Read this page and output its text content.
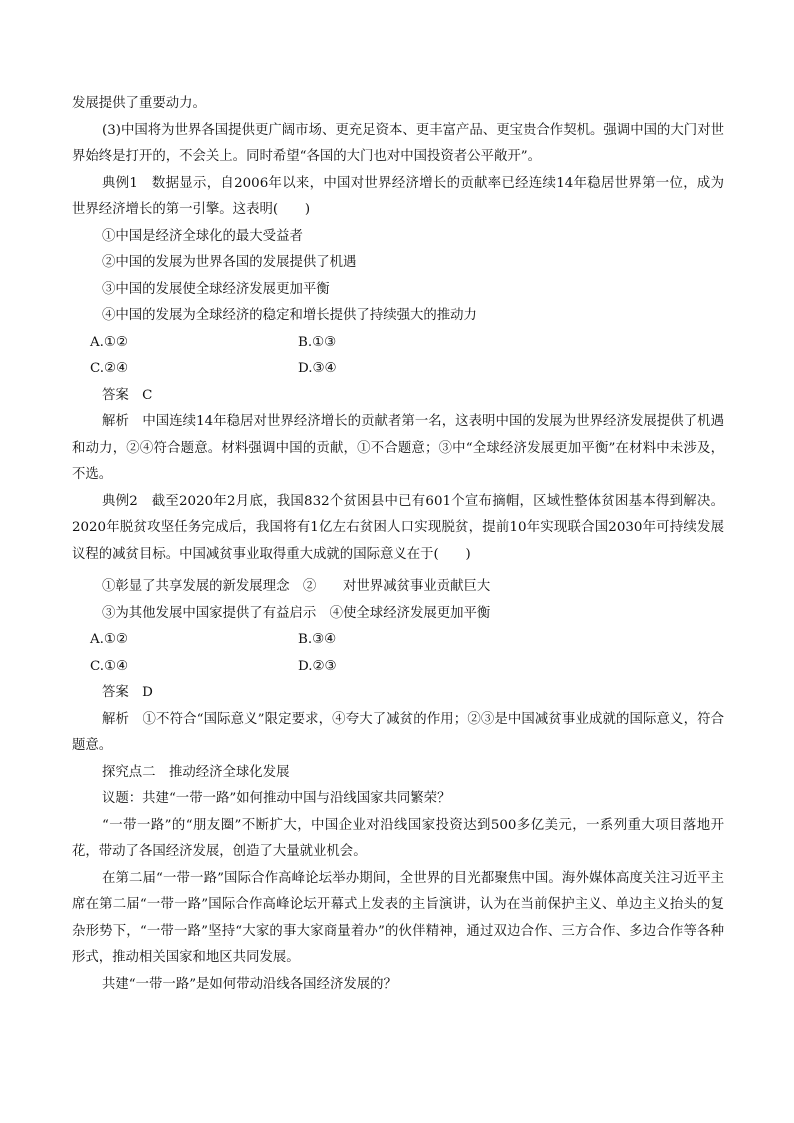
发展提供了重要动力。

(3)中国将为世界各国提供更广阔市场、更充足资本、更丰富产品、更宝贵合作契机。强调中国的大门对世界始终是打开的，不会关上。同时希望“各国的大门也对中国投资者公平敞开”。

典例1　数据显示，自2006年以来，中国对世界经济增长的贡献率已经连续14年稳居世界第一位，成为世界经济增长的第一引擎。这表明(　　)

①中国是经济全球化的最大受益者

②中国的发展为世界各国的发展提供了机遇

③中国的发展使全球经济发展更加平衡

④中国的发展为全球经济的稳定和增长提供了持续强大的推动力

A.①②	B.①③
C.②④	D.③④

答案　C

解析　中国连续14年稳居对世界经济增长的贡献者第一名，这表明中国的发展为世界经济发展提供了机遇和动力，②④符合题意。材料强调中国的贡献，①不合题意；③中“全球经济发展更加平衡”在材料中未涉及，不选。

典例2　截至2020年2月底，我国832个贫困县中已有601个宣布摘帽，区域性整体贫困基本得到解决。2020年脱贫攻坚任务完成后，我国将有1亿左右贫困人口实现脱贫，提前10年实现联合国2030年可持续发展议程的减贫目标。中国减贫事业取得重大成就的国际意义在于(　　)

①彰显了共享发展的新发展理念　②　　对世界减贫事业贡献巨大

③为其他发展中国家提供了有益启示　④使全球经济发展更加平衡

A.①②	B.③④
C.①④	D.②③

答案　D

解析　①不符合“国际意义”限定要求，④夸大了减贫的作用；②③是中国减贫事业成就的国际意义，符合题意。

探究点二　推动经济全球化发展

议题：共建“一带一路”如何推动中国与沿线国家共同繁荣？

“一带一路”的“朋友圈”不断扩大，中国企业对沿线国家投资达到500多亿美元，一系列重大项目落地开花，带动了各国经济发展，创造了大量就业机会。

在第二届“一带一路”国际合作高峰论坛举办期间，全世界的目光都聚焦中国。海外媒体高度关注习近平主席在第二届“一带一路”国际合作高峰论坛开幕式上发表的主旨演讲，认为在当前保护主义、单边主义抬头的复杂形势下，“一带一路”坚持“大家的事大家商量着办”的伙伴精神，通过双边合作、三方合作、多边合作等各种形式，推动相关国家和地区共同发展。

共建“一带一路”是如何带动沿线各国经济发展的？
